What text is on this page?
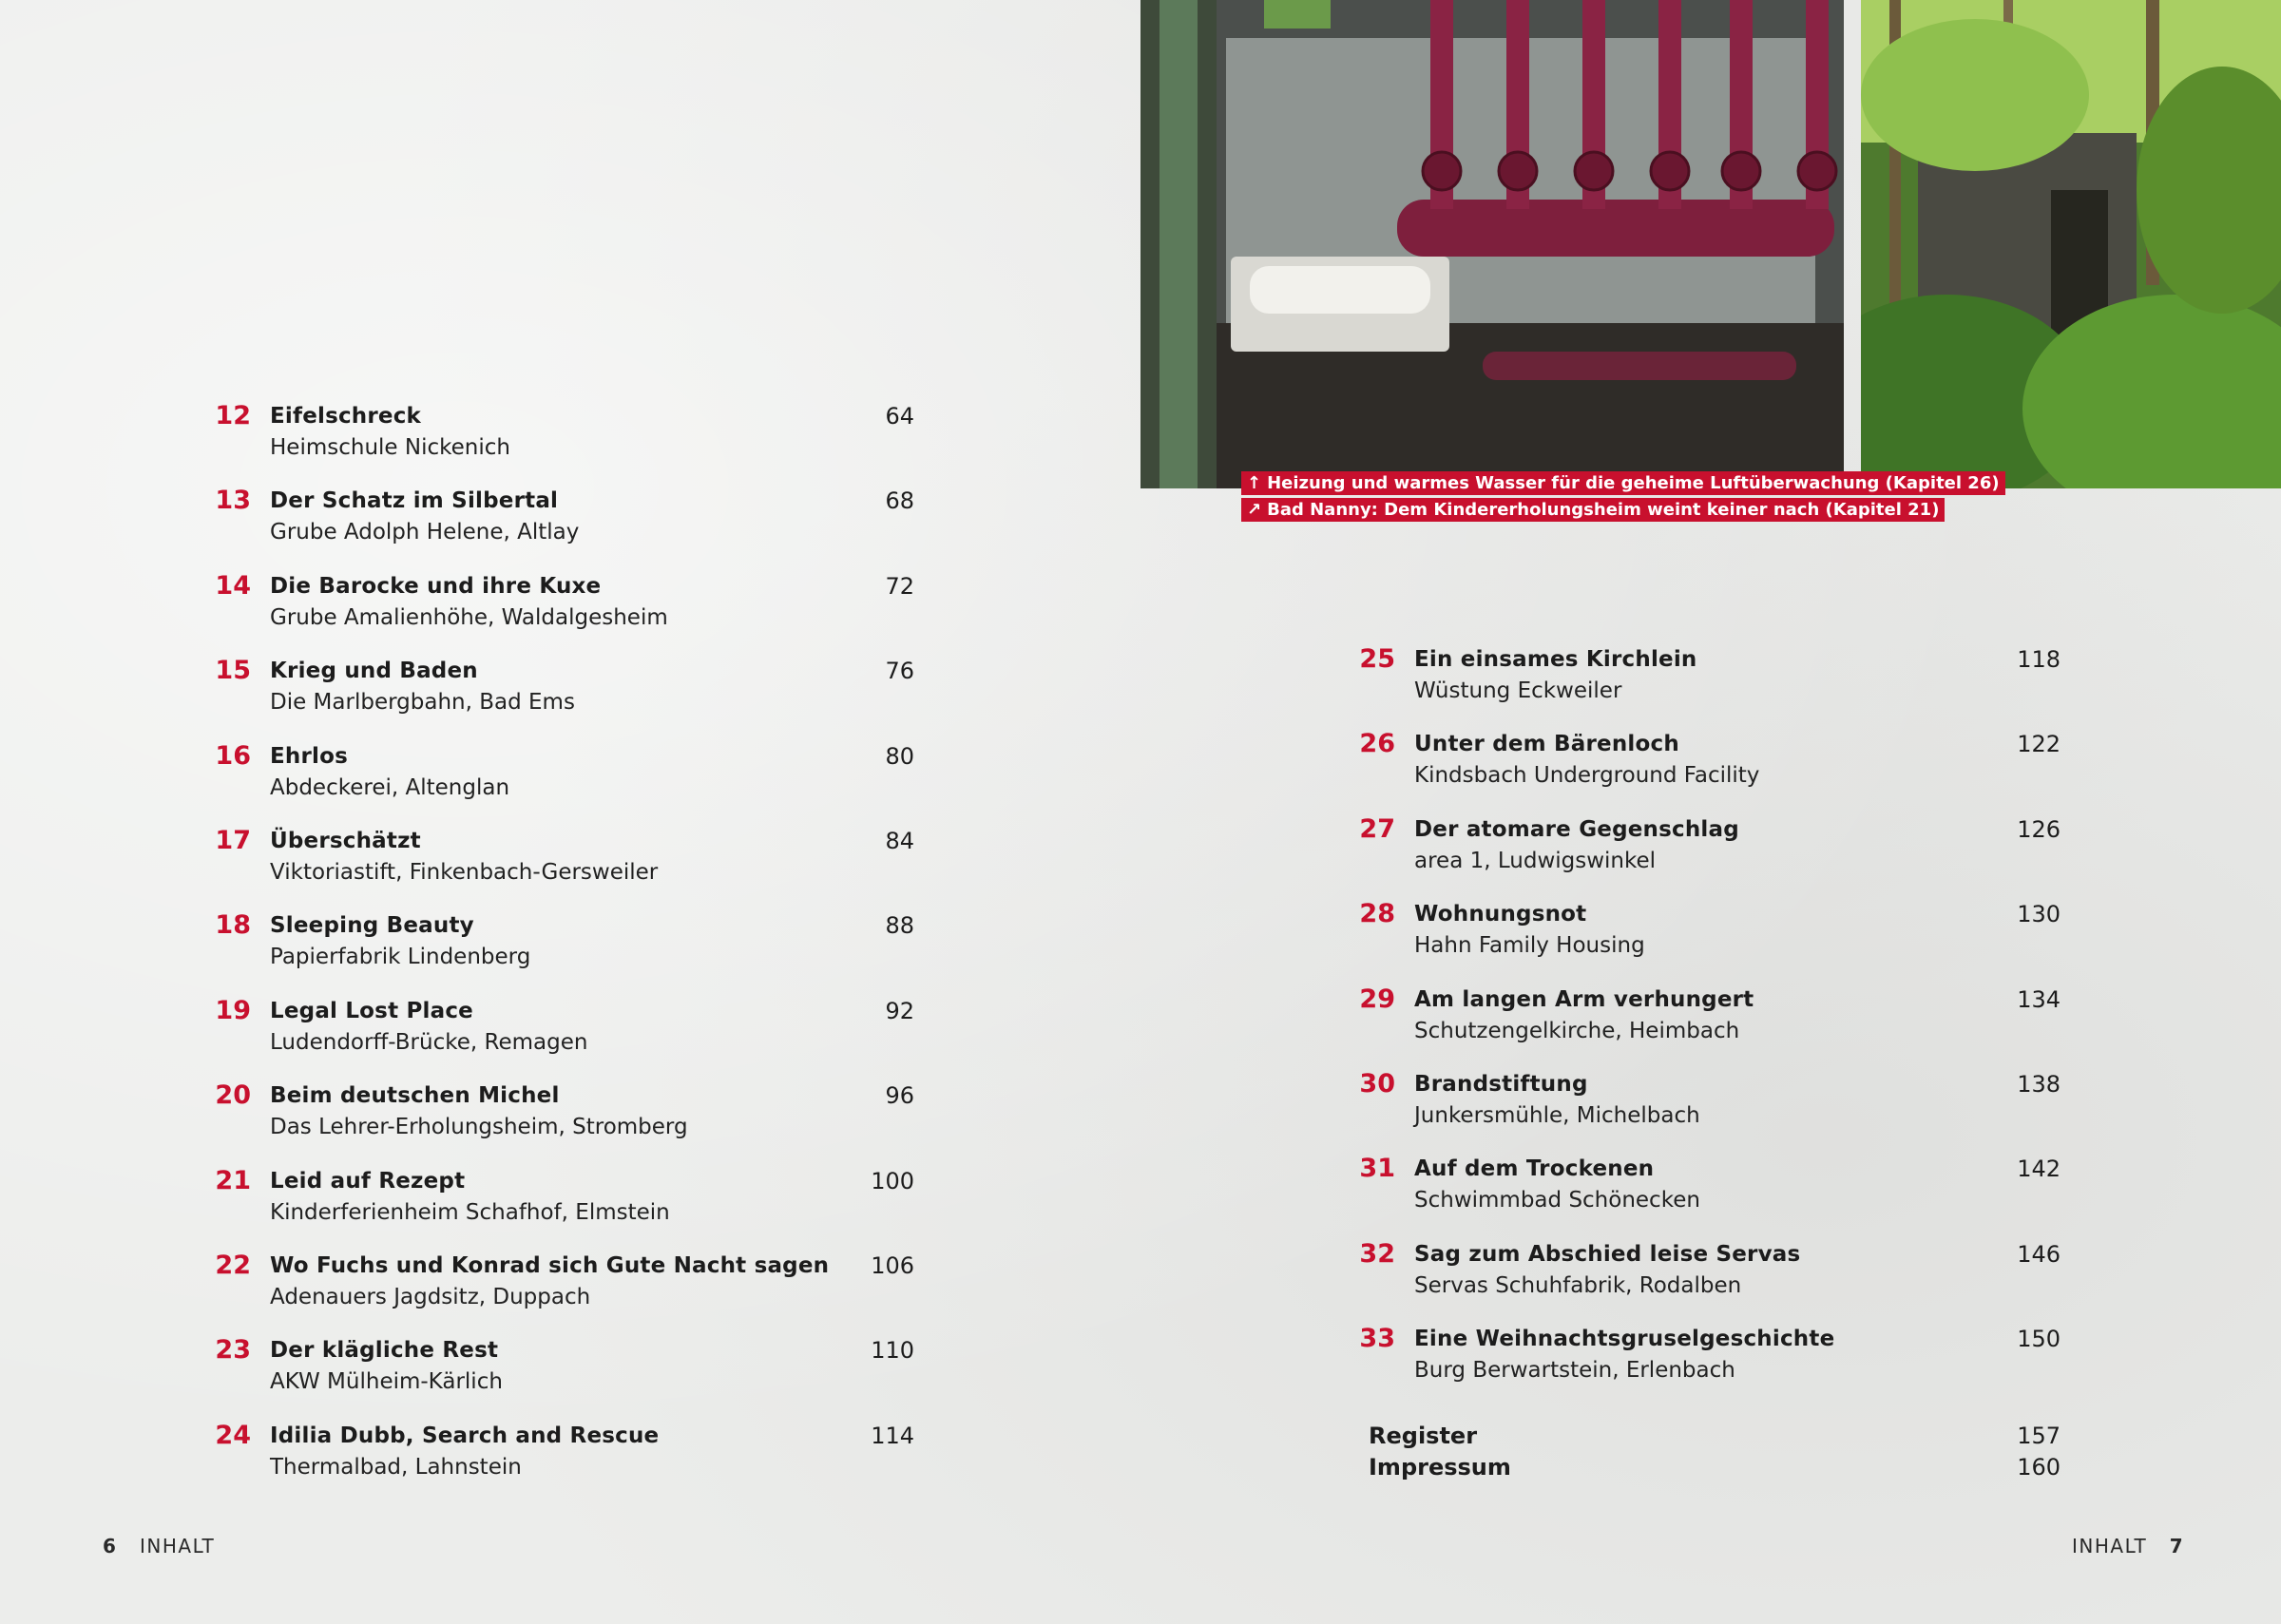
12 Eifelschreck
Heimschule Nickenich
64
13 Der Schatz im Silbertal
Grube Adolph Helene, Altlay
68
14 Die Barocke und ihre Kuxe
Grube Amalienhöhe, Waldalgesheim
72
15 Krieg und Baden
Die Marlbergbahn, Bad Ems
76
16 Ehrlos
Abdeckerei, Altenglan
80
17 Überschätzt
Viktoriastift, Finkenbach-Gersweiler
84
18 Sleeping Beauty
Papierfabrik Lindenberg
88
19 Legal Lost Place
Ludendorff-Brücke, Remagen
92
20 Beim deutschen Michel
Das Lehrer-Erholungsheim, Stromberg
96
21 Leid auf Rezept
Kinderferienheim Schafhof, Elmstein
100
22 Wo Fuchs und Konrad sich Gute Nacht sagen
Adenauers Jagdsitz, Duppach
106
23 Der klägliche Rest
AKW Mülheim-Kärlich
110
24 Idilia Dubb, Search and Rescue
Thermalbad, Lahnstein
114
6 INHALT
↑ Heizung und warmes Wasser für die geheime Luftüberwachung (Kapitel 26)
↗ Bad Nanny: Dem Kindererholungsheim weint keiner nach (Kapitel 21)
25 Ein einsames Kirchlein
Wüstung Eckweiler
118
26 Unter dem Bärenloch
Kindsbach Underground Facility
122
27 Der atomare Gegenschlag
area 1, Ludwigswinkel
126
28 Wohnungsnot
Hahn Family Housing
130
29 Am langen Arm verhungert
Schutzengelkirche, Heimbach
134
30 Brandstiftung
Junkersmühle, Michelbach
138
31 Auf dem Trockenen
Schwimmbad Schönecken
142
32 Sag zum Abschied leise Servas
Servas Schuhfabrik, Rodalben
146
33 Eine Weihnachtsgruselgeschichte
Burg Berwartstein, Erlenbach
150
Register	157
Impressum	160
INHALT 7
